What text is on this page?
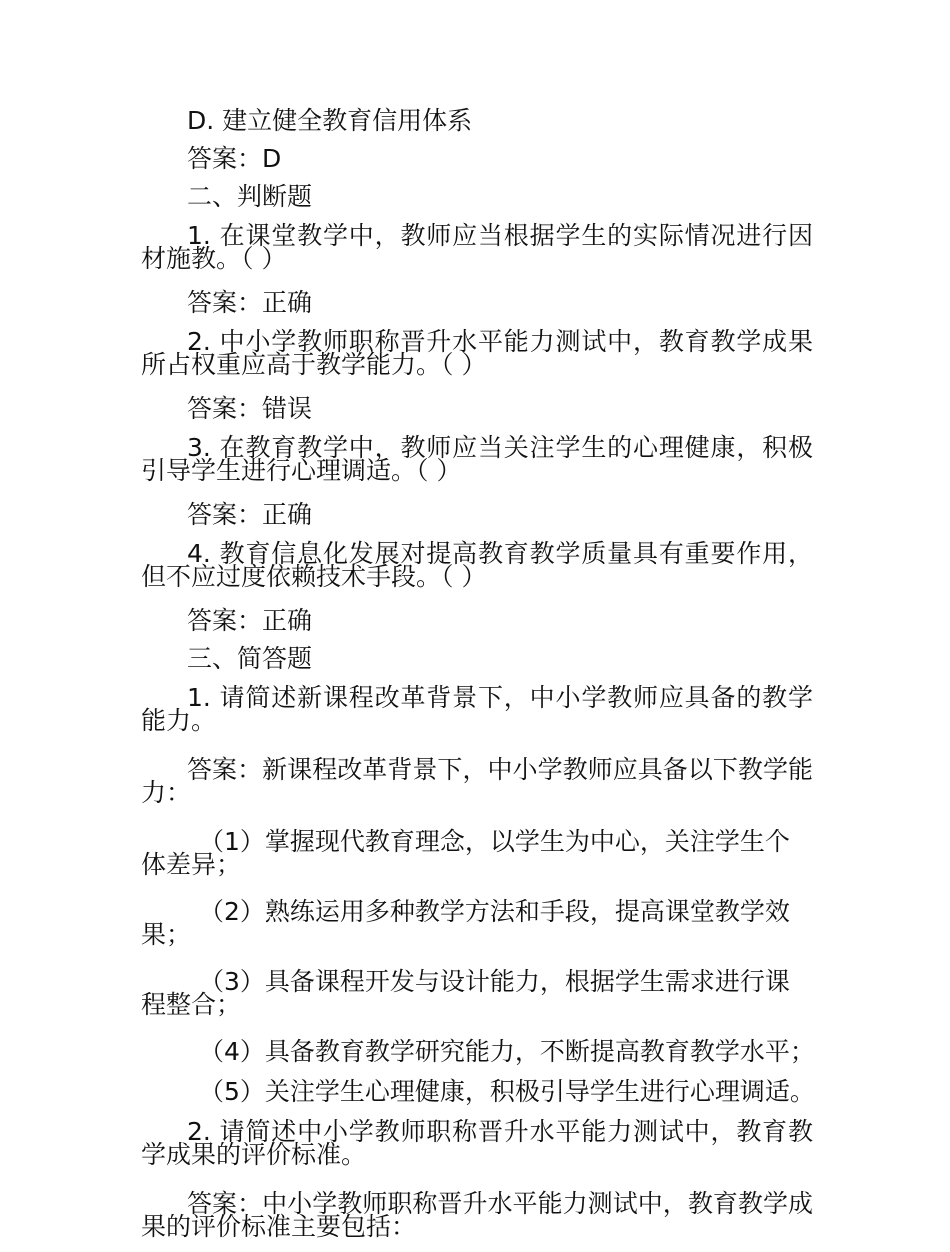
D. 建立健全教育信用体系

答案：D

二、判断题

1. 在课堂教学中，教师应当根据学生的实际情况进行因材施教。（ ）

答案：正确

2. 中小学教师职称晋升水平能力测试中，教育教学成果所占权重应高于教学能力。（ ）

答案：错误

3. 在教育教学中，教师应当关注学生的心理健康，积极引导学生进行心理调适。（ ）

答案：正确

4. 教育信息化发展对提高教育教学质量具有重要作用，但不应过度依赖技术手段。（ ）

答案：正确

三、简答题

1. 请简述新课程改革背景下，中小学教师应具备的教学能力。

答案：新课程改革背景下，中小学教师应具备以下教学能力：

（1）掌握现代教育理念，以学生为中心，关注学生个体差异；

（2）熟练运用多种教学方法和手段，提高课堂教学效果；

（3）具备课程开发与设计能力，根据学生需求进行课程整合；

（4）具备教育教学研究能力，不断提高教育教学水平；

（5）关注学生心理健康，积极引导学生进行心理调适。

2. 请简述中小学教师职称晋升水平能力测试中，教育教学成果的评价标准。

答案：中小学教师职称晋升水平能力测试中，教育教学成果的评价标准主要包括：
